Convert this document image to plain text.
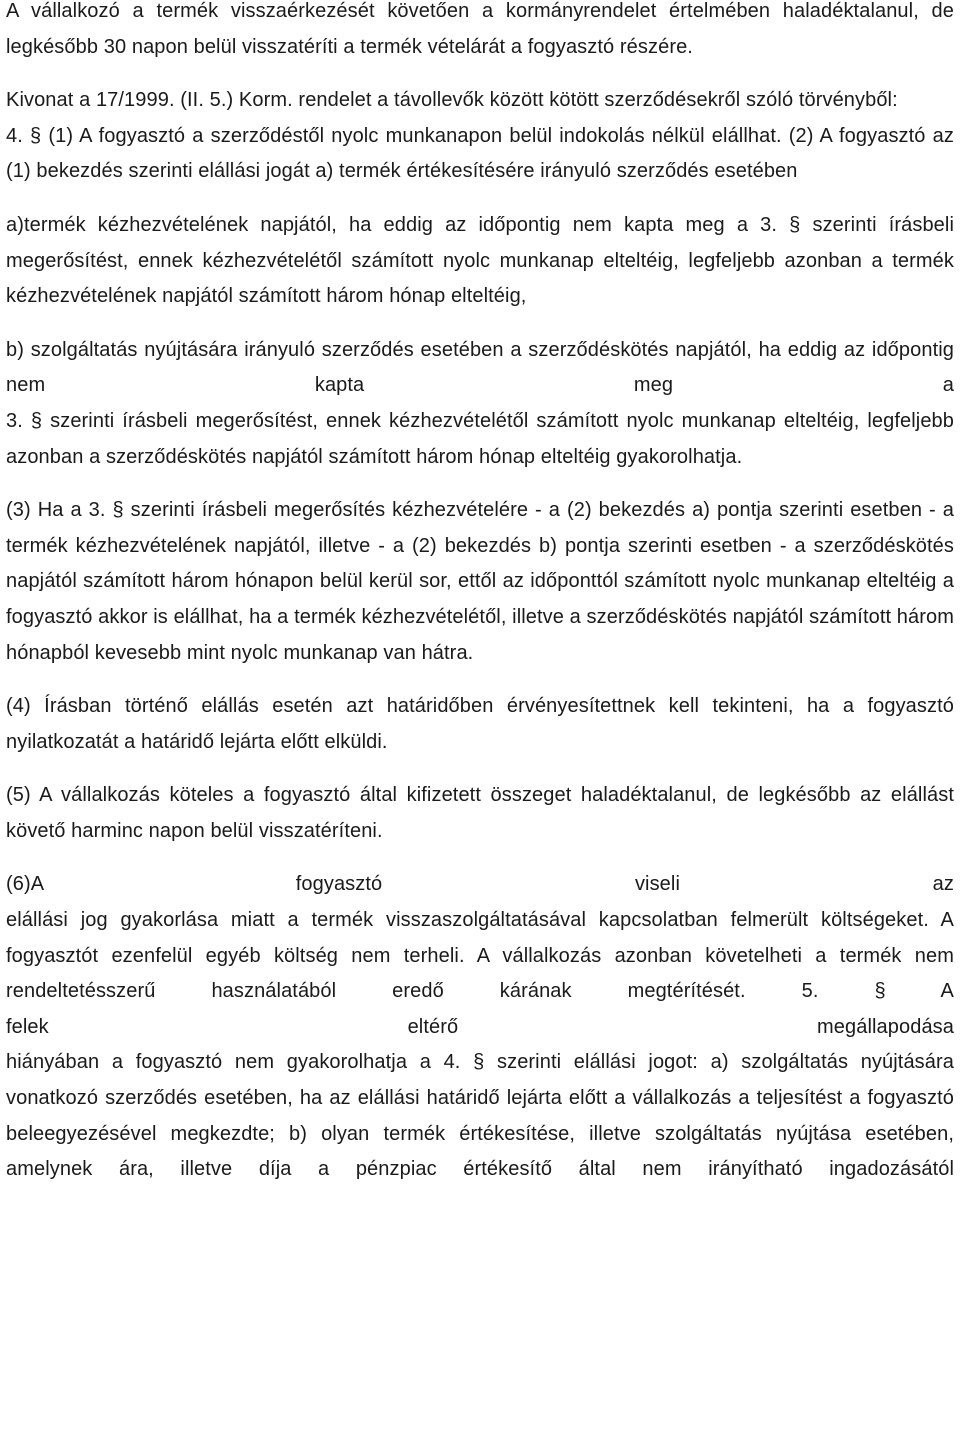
A vállalkozó a termék visszaérkezését követően a kormányrendelet értelmében haladéktalanul, de legkésőbb 30 napon belül visszatéríti a termék vételárát a fogyasztó részére.

Kivonat a 17/1999. (II. 5.) Korm. rendelet a távollevők között kötött szerződésekről szóló törvényből:

4. § (1) A fogyasztó a szerződéstől nyolc munkanapon belül indokolás nélkül elállhat. (2) A fogyasztó az (1) bekezdés szerinti elállási jogát a) termék értékesítésére irányuló szerződés esetében

a)termék kézhezvételének napjától, ha eddig az időpontig nem kapta meg a 3. § szerinti írásbeli megerősítést, ennek kézhezvételétől számított nyolc munkanap elteltéig, legfeljebb azonban a termék kézhezvételének napjától számított három hónap elteltéig,

b) szolgáltatás nyújtására irányuló szerződés esetében a szerződéskötés napjától, ha eddig az időpontig nem kapta meg a

3. § szerinti írásbeli megerősítést, ennek kézhezvételétől számított nyolc munkanap elteltéig, legfeljebb azonban a szerződéskötés napjától számított három hónap elteltéig gyakorolhatja.

(3) Ha a 3. § szerinti írásbeli megerősítés kézhezvételére - a (2) bekezdés a) pontja szerinti esetben - a

termék kézhezvételének napjától, illetve - a (2) bekezdés b) pontja szerinti esetben - a szerződéskötés napjától számított három hónapon belül kerül sor, ettől az időponttól számított nyolc munkanap elteltéig a fogyasztó akkor is elállhat, ha a termék kézhezvételétől, illetve a szerződéskötés napjától számított három hónapból kevesebb mint nyolc munkanap van hátra.

(4) Írásban történő elállás esetén azt határidőben érvényesítettnek kell tekinteni, ha a fogyasztó nyilatkozatát a határidő lejárta előtt elküldi.

(5) A vállalkozás köteles a fogyasztó által kifizetett összeget haladéktalanul, de legkésőbb az elállást követő harminc napon belül visszatéríteni.

(6)A fogyasztó viseli az

elállási jog gyakorlása miatt a termék visszaszolgáltatásával kapcsolatban felmerült költségeket. A fogyasztót ezenfelül egyéb költség nem terheli. A vállalkozás azonban követelheti a termék nem rendeltetésszerű használatából eredő kárának megtérítését. 5. § A

felek eltérő megállapodása

hiányában a fogyasztó nem gyakorolhatja a 4. § szerinti elállási jogot: a) szolgáltatás nyújtására vonatkozó szerződés esetében, ha az elállási határidő lejárta előtt a vállalkozás a teljesítést a fogyasztó beleegyezésével megkezdte; b) olyan termék értékesítése, illetve szolgáltatás nyújtása esetében, amelynek ára, illetve díja a pénzpiac értékesítő által nem irányítható ingadozásától
